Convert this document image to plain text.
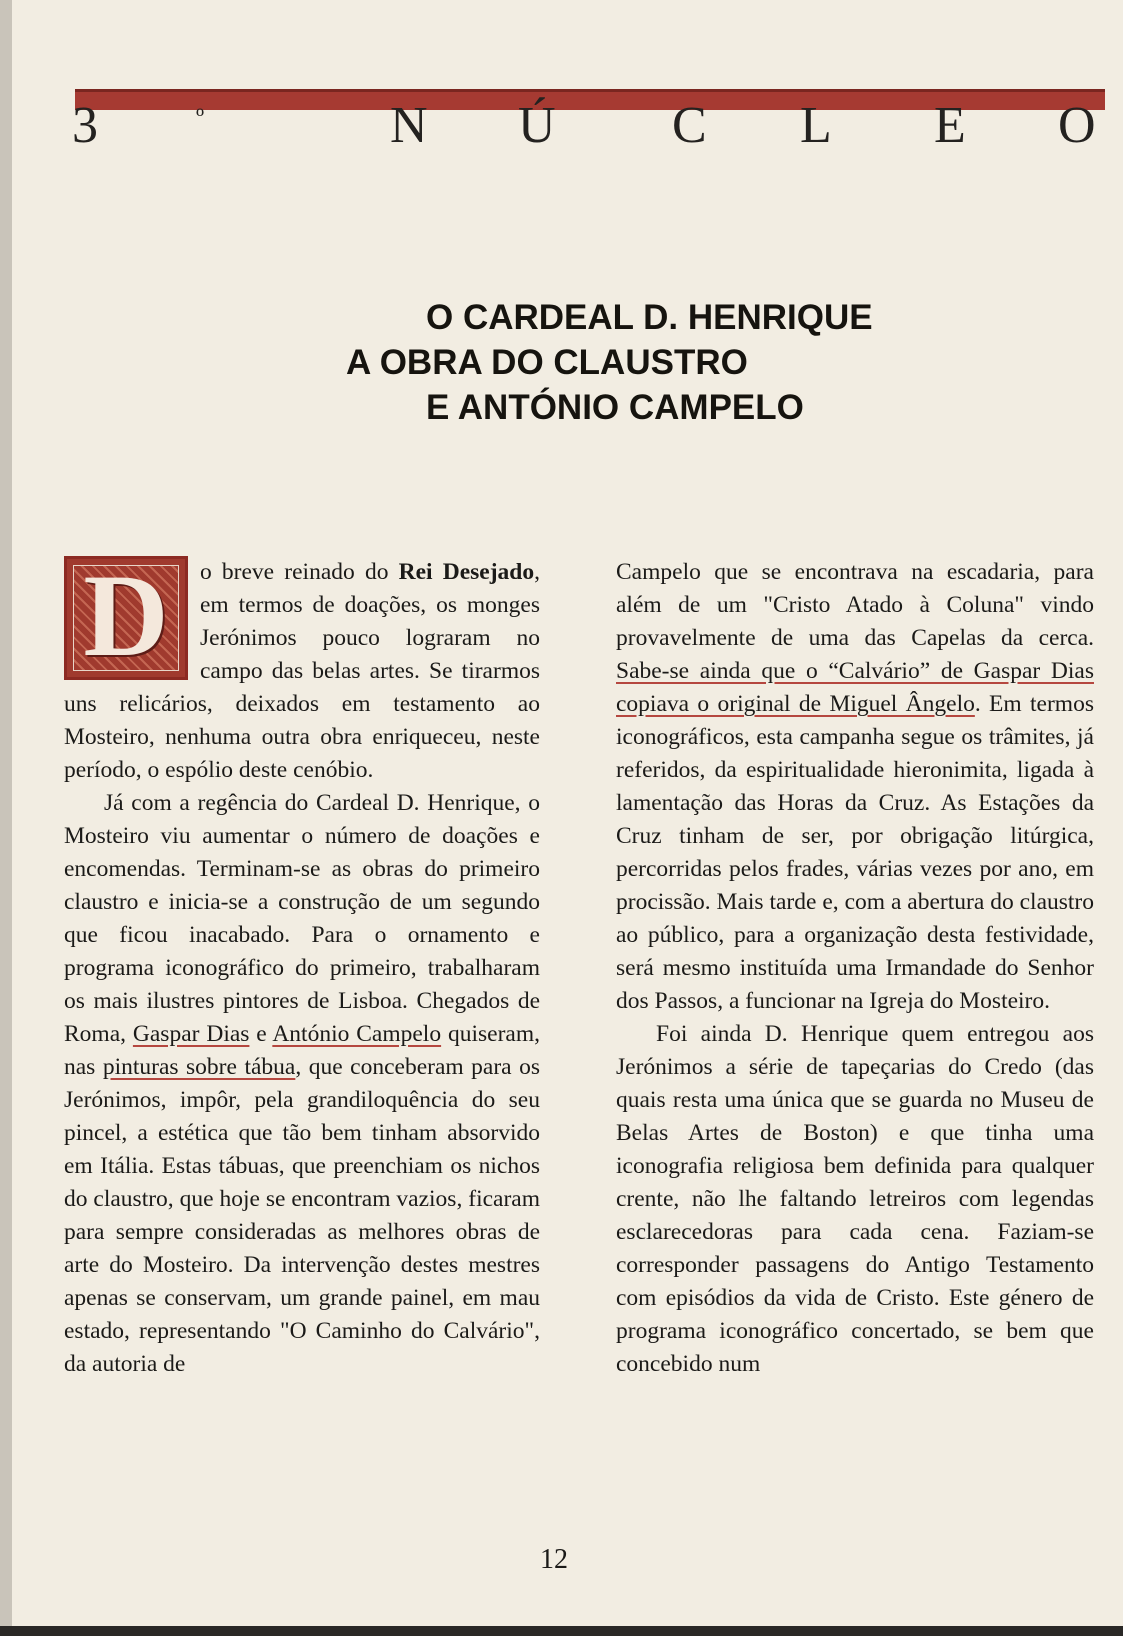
3	º	N Ú C L E O
O CARDEAL D. HENRIQUE
A OBRA DO CLAUSTRO
E ANTÓNIO CAMPELO
D	o breve reinado do Rei Desejado, em termos de doações, os monges Jerónimos pouco lograram no campo das belas artes. Se tirarmos uns relicários, deixados em testamento ao Mosteiro, nenhuma outra obra enriqueceu, neste período, o espólio deste cenóbio.

Já com a regência do Cardeal D. Henrique, o Mosteiro viu aumentar o número de doações e encomendas. Terminam-se as obras do primeiro claustro e inicia-se a construção de um segundo que ficou inacabado. Para o ornamento e programa iconográfico do primeiro, trabalharam os mais ilustres pintores de Lisboa. Chegados de Roma, Gaspar Dias e António Campelo quiseram, nas pinturas sobre tábua, que conceberam para os Jerónimos, impôr, pela grandiloquência do seu pincel, a estética que tão bem tinham absorvido em Itália. Estas tábuas, que preenchiam os nichos do claustro, que hoje se encontram vazios, ficaram para sempre consideradas as melhores obras de arte do Mosteiro. Da intervenção destes mestres apenas se conservam, um grande painel, em mau estado, representando "O Caminho do Calvário", da autoria de

Campelo que se encontrava na escadaria, para além de um "Cristo Atado à Coluna" vindo provavelmente de uma das Capelas da cerca. Sabe-se ainda que o “Calvário” de Gaspar Dias copiava o original de Miguel Ângelo. Em termos iconográficos, esta campanha segue os trâmites, já referidos, da espiritualidade hieronimita, ligada à lamentação das Horas da Cruz. As Estações da Cruz tinham de ser, por obrigação litúrgica, percorridas pelos frades, várias vezes por ano, em procissão. Mais tarde e, com a abertura do claustro ao público, para a organização desta festividade, será mesmo instituída uma Irmandade do Senhor dos Passos, a funcionar na Igreja do Mosteiro.

Foi ainda D. Henrique quem entregou aos Jerónimos a série de tapeçarias do Credo (das quais resta uma única que se guarda no Museu de Belas Artes de Boston) e que tinha uma iconografia religiosa bem definida para qualquer crente, não lhe faltando letreiros com legendas esclarecedoras para cada cena. Faziam-se corresponder passagens do Antigo Testamento com episódios da vida de Cristo. Este género de programa iconográfico concertado, se bem que concebido num

12
